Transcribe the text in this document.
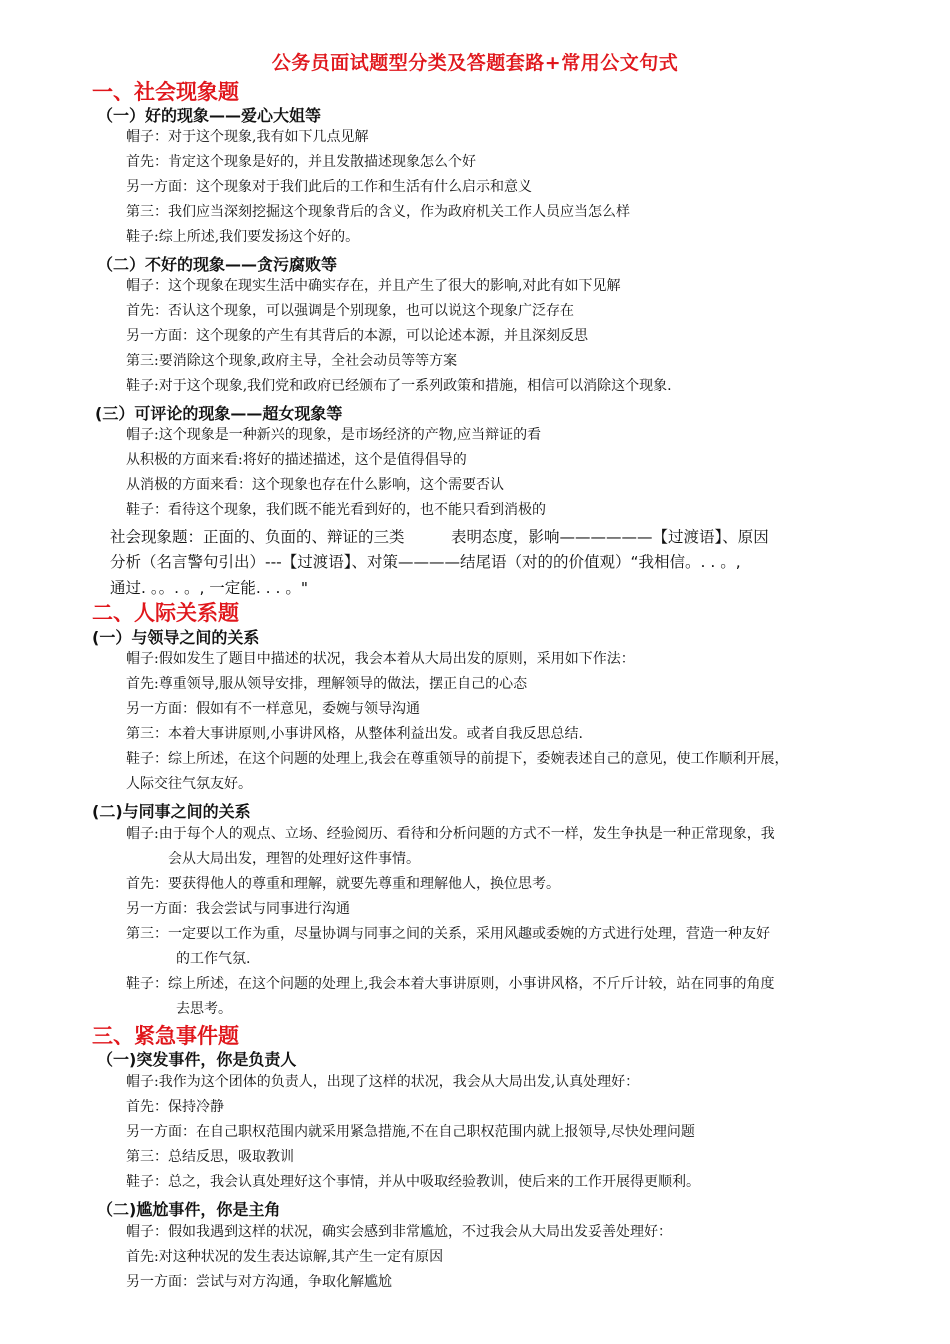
公务员面试题型分类及答题套路+常用公文句式
一、社会现象题
（一）好的现象——爱心大姐等
帽子：对于这个现象,我有如下几点见解
首先：肯定这个现象是好的，并且发散描述现象怎么个好
另一方面：这个现象对于我们此后的工作和生活有什么启示和意义
第三：我们应当深刻挖掘这个现象背后的含义，作为政府机关工作人员应当怎么样
鞋子:综上所述,我们要发扬这个好的。
（二）不好的现象——贪污腐败等
帽子：这个现象在现实生活中确实存在，并且产生了很大的影响,对此有如下见解
首先：否认这个现象，可以强调是个别现象，也可以说这个现象广泛存在
另一方面：这个现象的产生有其背后的本源，可以论述本源，并且深刻反思
第三:要消除这个现象,政府主导，全社会动员等等方案
鞋子:对于这个现象,我们党和政府已经颁布了一系列政策和措施，相信可以消除这个现象.
(三）可评论的现象——超女现象等
帽子:这个现象是一种新兴的现象，是市场经济的产物,应当辩证的看
从积极的方面来看:将好的描述描述，这个是值得倡导的
从消极的方面来看：这个现象也存在什么影响，这个需要否认
鞋子：看待这个现象，我们既不能光看到好的，也不能只看到消极的
社会现象题：正面的、负面的、辩证的三类　　　表明态度，影响——————【过渡语】、原因
分析（名言警句引出）---【过渡语】、对策————结尾语（对的的价值观）“我相信。. . 。,
通过. 。。. 。, 一定能. . . 。"
二、人际关系题
(一）与领导之间的关系
帽子:假如发生了题目中描述的状况，我会本着从大局出发的原则，采用如下作法：
首先:尊重领导,服从领导安排，理解领导的做法，摆正自己的心态
另一方面：假如有不一样意见，委婉与领导沟通
第三：本着大事讲原则,小事讲风格，从整体利益出发。或者自我反思总结.
鞋子：综上所述，在这个问题的处理上,我会在尊重领导的前提下，委婉表述自己的意见，使工作顺利开展，
人际交往气氛友好。
(二)与同事之间的关系
帽子:由于每个人的观点、立场、经验阅历、看待和分析问题的方式不一样，发生争执是一种正常现象，我
会从大局出发，理智的处理好这件事情。
首先：要获得他人的尊重和理解，就要先尊重和理解他人，换位思考。
另一方面：我会尝试与同事进行沟通
第三：一定要以工作为重，尽量协调与同事之间的关系，采用风趣或委婉的方式进行处理，营造一种友好
的工作气氛.
鞋子：综上所述，在这个问题的处理上,我会本着大事讲原则，小事讲风格，不斤斤计较，站在同事的角度
去思考。
三、紧急事件题
（一)突发事件，你是负责人
帽子:我作为这个团体的负责人，出现了这样的状况，我会从大局出发,认真处理好：
首先：保持冷静
另一方面：在自己职权范围内就采用紧急措施,不在自己职权范围内就上报领导,尽快处理问题
第三：总结反思，吸取教训
鞋子：总之，我会认真处理好这个事情，并从中吸取经验教训，使后来的工作开展得更顺利。
（二)尴尬事件，你是主角
帽子：假如我遇到这样的状况，确实会感到非常尴尬，不过我会从大局出发妥善处理好：
首先:对这种状况的发生表达谅解,其产生一定有原因
另一方面：尝试与对方沟通，争取化解尴尬
